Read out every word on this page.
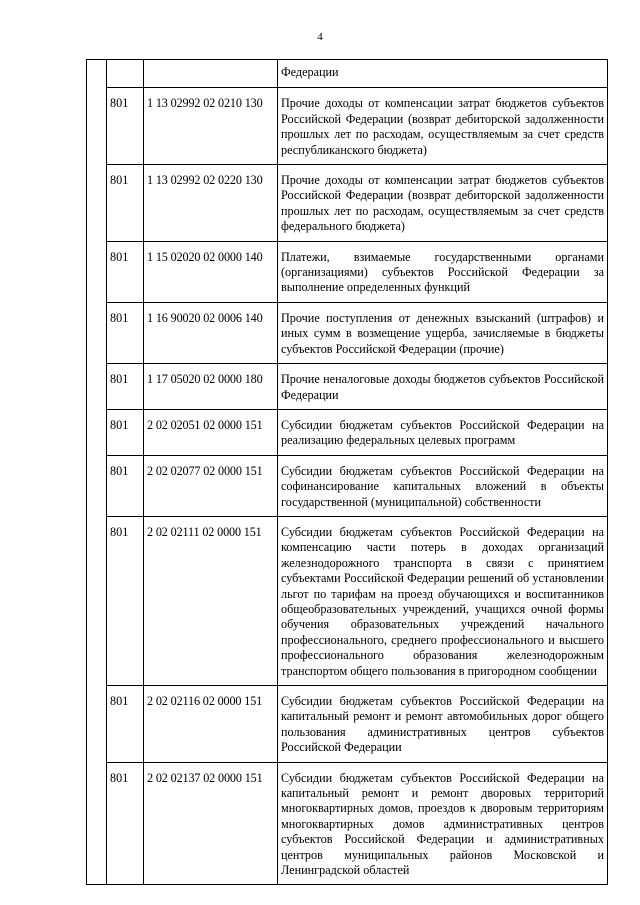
4
			Федерации
	801	1 13 02992 02 0210 130	Прочие доходы от компенсации затрат бюджетов субъектов Российской Федерации (возврат дебиторской задолженности прошлых лет по расходам, осуществляемым за счет средств республиканского бюджета)
	801	1 13 02992 02 0220 130	Прочие доходы от компенсации затрат бюджетов субъектов Российской Федерации (возврат дебиторской задолженности прошлых лет по расходам, осуществляемым за счет средств федерального бюджета)
	801	1 15 02020 02 0000 140	Платежи, взимаемые государственными органами (организациями) субъектов Российской Федерации за выполнение определенных функций
	801	1 16 90020 02 0006 140	Прочие поступления от денежных взысканий (штрафов) и иных сумм в возмещение ущерба, зачисляемые в бюджеты субъектов Российской Федерации (прочие)
	801	1 17 05020 02 0000 180	Прочие неналоговые доходы бюджетов субъектов Российской Федерации
	801	2 02 02051 02 0000 151	Субсидии бюджетам субъектов Российской Федерации на реализацию федеральных целевых программ
	801	2 02 02077 02 0000 151	Субсидии бюджетам субъектов Российской Федерации на софинансирование капитальных вложений в объекты государственной (муниципальной) собственности
	801	2 02 02111 02 0000 151	Субсидии бюджетам субъектов Российской Федерации на компенсацию части потерь в доходах организаций железнодорожного транспорта в связи с принятием субъектами Российской Федерации решений об установлении льгот по тарифам на проезд обучающихся и воспитанников общеобразовательных учреждений, учащихся очной формы обучения образовательных учреждений начального профессионального, среднего профессионального и высшего профессионального образования железнодорожным транспортом общего пользования в пригородном сообщении
	801	2 02 02116 02 0000 151	Субсидии бюджетам субъектов Российской Федерации на капитальный ремонт и ремонт автомобильных дорог общего пользования административных центров субъектов Российской Федерации
	801	2 02 02137 02 0000 151	Субсидии бюджетам субъектов Российской Федерации на капитальный ремонт и ремонт дворовых территорий многоквартирных домов, проездов к дворовым территориям многоквартирных домов административных центров субъектов Российской Федерации и административных центров муниципальных районов Московской и Ленинградской областей
